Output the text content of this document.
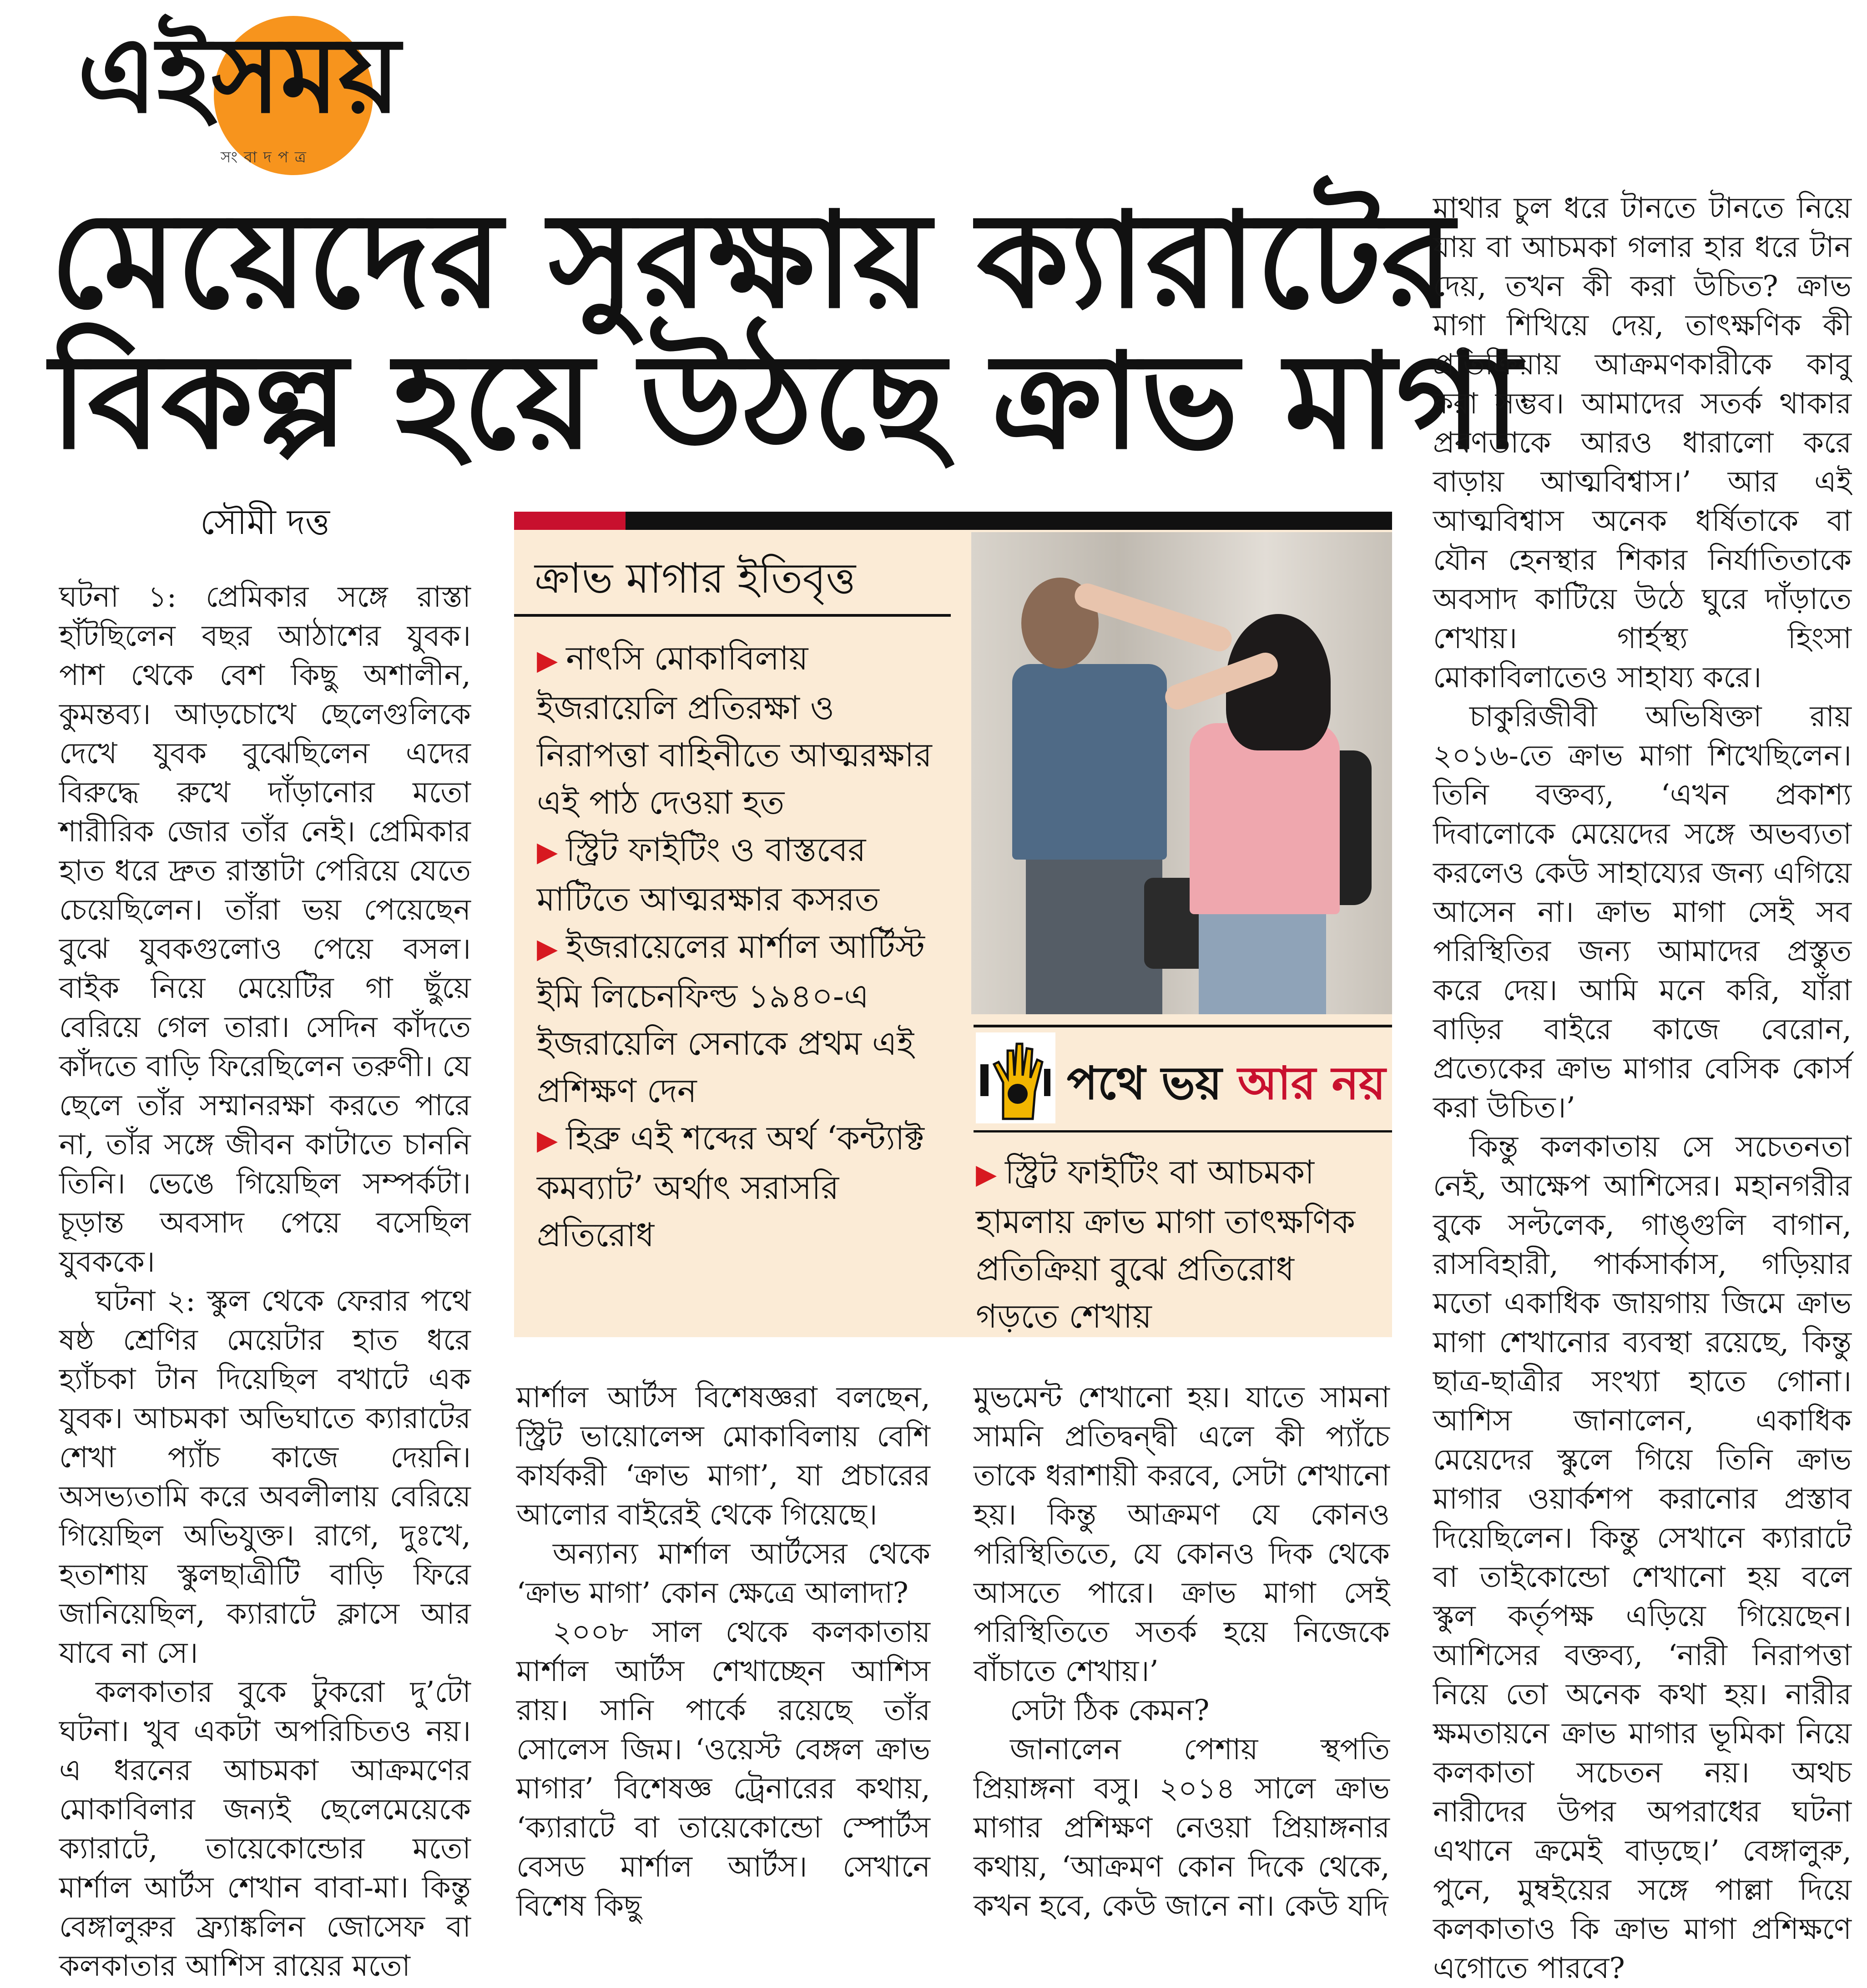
এইসময়
সংবাদপত্র
মেয়েদের সুরক্ষায় ক্যারাটের
বিকল্প হয়ে উঠছে ক্রাভ মাগা
সৌমী দত্ত

ঘটনা ১: প্রেমিকার সঙ্গে রাস্তা হাঁটছিলেন বছর আঠাশের যুবক। পাশ থেকে বেশ কিছু অশালীন, কুমন্তব্য। আড়চোখে ছেলেগুলিকে দেখে যুবক বুঝেছিলেন এদের বিরুদ্ধে রুখে দাঁড়ানোর মতো শারীরিক জোর তাঁর নেই। প্রেমিকার হাত ধরে দ্রুত রাস্তাটা পেরিয়ে যেতে চেয়েছিলেন। তাঁরা ভয় পেয়েছেন বুঝে যুবকগুলোও পেয়ে বসল। বাইক নিয়ে মেয়েটির গা ছুঁয়ে বেরিয়ে গেল তারা। সেদিন কাঁদতে কাঁদতে বাড়ি ফিরেছিলেন তরুণী। যে ছেলে তাঁর সম্মানরক্ষা করতে পারে না, তাঁর সঙ্গে জীবন কাটাতে চাননি তিনি। ভেঙে গিয়েছিল সম্পর্কটা। চূড়ান্ত অবসাদ পেয়ে বসেছিল যুবককে।

ঘটনা ২: স্কুল থেকে ফেরার পথে ষষ্ঠ শ্রেণির মেয়েটার হাত ধরে হ্যাঁচকা টান দিয়েছিল বখাটে এক যুবক। আচমকা অভিঘাতে ক্যারাটের শেখা প্যাঁচ কাজে দেয়নি। অসভ্যতামি করে অবলীলায় বেরিয়ে গিয়েছিল অভিযুক্ত। রাগে, দুঃখে, হতাশায় স্কুলছাত্রীটি বাড়ি ফিরে জানিয়েছিল, ক্যারাটে ক্লাসে আর যাবে না সে।

কলকাতার বুকে টুকরো দু’টো ঘটনা। খুব একটা অপরিচিতও নয়। এ ধরনের আচমকা আক্রমণের মোকাবিলার জন্যই ছেলেমেয়েকে ক্যারাটে, তায়েকোন্ডোর মতো মার্শাল আর্টস শেখান বাবা-মা। কিন্তু বেঙ্গালুরুর ফ্র্যাঙ্কলিন জোসেফ বা কলকাতার আশিস রায়ের মতো

ক্রাভ মাগার ইতিবৃত্ত
▶ নাৎসি মোকাবিলায় ইজরায়েলি প্রতিরক্ষা ও নিরাপত্তা বাহিনীতে আত্মরক্ষার এই পাঠ দেওয়া হত
▶ স্ট্রিট ফাইটিং ও বাস্তবের মাটিতে আত্মরক্ষার কসরত
▶ ইজরায়েলের মার্শাল আর্টিস্ট ইমি লিচেনফিল্ড ১৯৪০-এ ইজরায়েলি সেনাকে প্রথম এই প্রশিক্ষণ দেন
▶ হিব্রু এই শব্দের অর্থ ‘কন্ট্যাক্ট কমব্যাট’ অর্থাৎ সরাসরি প্রতিরোধ
পথে ভয় আর নয়
▶ স্ট্রিট ফাইটিং বা আচমকা হামলায় ক্রাভ মাগা তাৎক্ষণিক প্রতিক্রিয়া বুঝে প্রতিরোধ গড়তে শেখায়

মার্শাল আর্টস বিশেষজ্ঞরা বলছেন, স্ট্রিট ভায়োলেন্স মোকাবিলায় বেশি কার্যকরী ‘ক্রাভ মাগা’, যা প্রচারের আলোর বাইরেই থেকে গিয়েছে।

অন্যান্য মার্শাল আর্টসের থেকে ‘ক্রাভ মাগা’ কোন ক্ষেত্রে আলাদা?

২০০৮ সাল থেকে কলকাতায় মার্শাল আর্টস শেখাচ্ছেন আশিস রায়। সানি পার্কে রয়েছে তাঁর সোলেস জিম। ‘ওয়েস্ট বেঙ্গল ক্রাভ মাগার’ বিশেষজ্ঞ ট্রেনারের কথায়, ‘ক্যারাটে বা তায়েকোন্ডো স্পোর্টস বেসড মার্শাল আর্টস। সেখানে বিশেষ কিছু

মুভমেন্ট শেখানো হয়। যাতে সামনা সামনি প্রতিদ্বন্দ্বী এলে কী প্যাঁচে তাকে ধরাশায়ী করবে, সেটা শেখানো হয়। কিন্তু আক্রমণ যে কোনও পরিস্থিতিতে, যে কোনও দিক থেকে আসতে পারে। ক্রাভ মাগা সেই পরিস্থিতিতে সতর্ক হয়ে নিজেকে বাঁচাতে শেখায়।’

সেটা ঠিক কেমন?

জানালেন পেশায় স্থপতি প্রিয়াঙ্গনা বসু। ২০১৪ সালে ক্রাভ মাগার প্রশিক্ষণ নেওয়া প্রিয়াঙ্গনার কথায়, ‘আক্রমণ কোন দিকে থেকে, কখন হবে, কেউ জানে না। কেউ যদি

মাথার চুল ধরে টানতে টানতে নিয়ে যায় বা আচমকা গলার হার ধরে টান দেয়, তখন কী করা উচিত? ক্রাভ মাগা শিখিয়ে দেয়, তাৎক্ষণিক কী প্রতিক্রিয়ায় আক্রমণকারীকে কাবু করা সম্ভব। আমাদের সতর্ক থাকার প্রবণতাকে আরও ধারালো করে বাড়ায় আত্মবিশ্বাস।’ আর এই আত্মবিশ্বাস অনেক ধর্ষিতাকে বা যৌন হেনস্থার শিকার নির্যাতিতাকে অবসাদ কাটিয়ে উঠে ঘুরে দাঁড়াতে শেখায়। গার্হস্থ্য হিংসা মোকাবিলাতেও সাহায্য করে।

চাকুরিজীবী অভিষিক্তা রায় ২০১৬-তে ক্রাভ মাগা শিখেছিলেন। তিনি বক্তব্য, ‘এখন প্রকাশ্য দিবালোকে মেয়েদের সঙ্গে অভব্যতা করলেও কেউ সাহায্যের জন্য এগিয়ে আসেন না। ক্রাভ মাগা সেই সব পরিস্থিতির জন্য আমাদের প্রস্তুত করে দেয়। আমি মনে করি, যাঁরা বাড়ির বাইরে কাজে বেরোন, প্রত্যেকের ক্রাভ মাগার বেসিক কোর্স করা উচিত।’

কিন্তু কলকাতায় সে সচেতনতা নেই, আক্ষেপ আশিসের। মহানগরীর বুকে সল্টলেক, গাঙ্গুলি বাগান, রাসবিহারী, পার্কসার্কাস, গড়িয়ার মতো একাধিক জায়গায় জিমে ক্রাভ মাগা শেখানোর ব্যবস্থা রয়েছে, কিন্তু ছাত্র-ছাত্রীর সংখ্যা হাতে গোনা। আশিস জানালেন, একাধিক মেয়েদের স্কুলে গিয়ে তিনি ক্রাভ মাগার ওয়ার্কশপ করানোর প্রস্তাব দিয়েছিলেন। কিন্তু সেখানে ক্যারাটে বা তাইকোন্ডো শেখানো হয় বলে স্কুল কর্তৃপক্ষ এড়িয়ে গিয়েছেন। আশিসের বক্তব্য, ‘নারী নিরাপত্তা নিয়ে তো অনেক কথা হয়। নারীর ক্ষমতায়নে ক্রাভ মাগার ভূমিকা নিয়ে কলকাতা সচেতন নয়। অথচ নারীদের উপর অপরাধের ঘটনা এখানে ক্রমেই বাড়ছে।’ বেঙ্গালুরু, পুনে, মুম্বইয়ের সঙ্গে পাল্লা দিয়ে কলকাতাও কি ক্রাভ মাগা প্রশিক্ষণে এগোতে পারবে?
